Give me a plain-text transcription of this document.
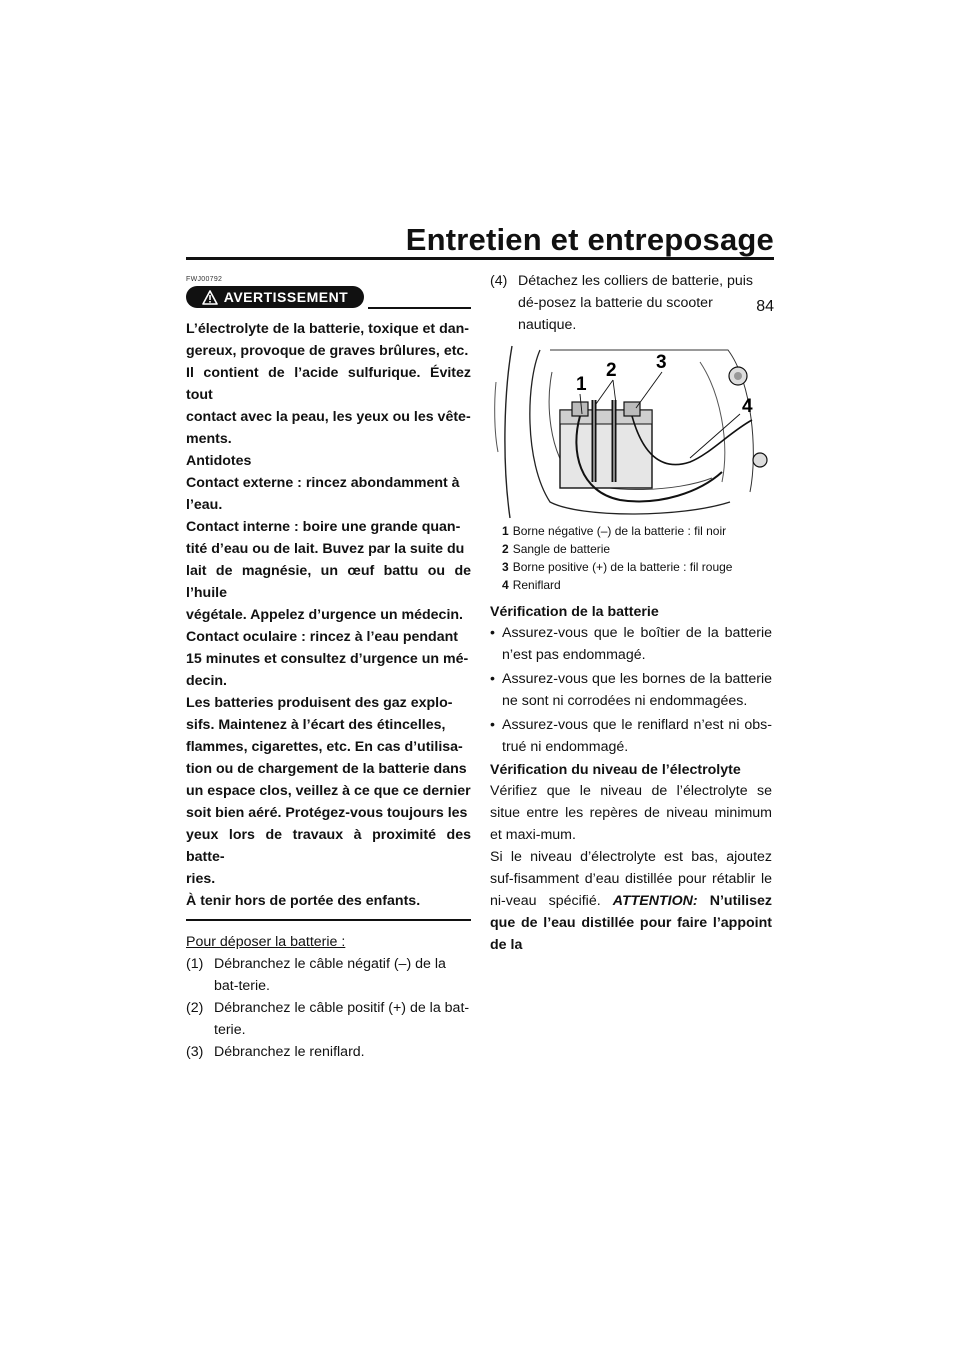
Entretien et entreposage
84
FWJ00792
AVERTISSEMENT

L’électrolyte de la batterie, toxique et dan-

gereux, provoque de graves brûlures, etc.

Il contient de l’acide sulfurique. Évitez tout

contact avec la peau, les yeux ou les vête-

ments.

Antidotes

Contact externe : rincez abondamment à

l’eau.

Contact interne : boire une grande quan-

tité d’eau ou de lait. Buvez par la suite du

lait de magnésie, un œuf battu ou de l’huile

végétale. Appelez d’urgence un médecin.

Contact oculaire : rincez à l’eau pendant

15 minutes et consultez d’urgence un mé-

decin.

Les batteries produisent des gaz explo-

sifs. Maintenez à l’écart des étincelles,

flammes, cigarettes, etc. En cas d’utilisa-

tion ou de chargement de la batterie dans

un espace clos, veillez à ce que ce dernier

soit bien aéré. Protégez-vous toujours les

yeux lors de travaux à proximité des batte-

ries.

À tenir hors de portée des enfants.

Pour déposer la batterie :
(1) Débranchez le câble négatif (–) de la bat-terie.
(2) Débranchez le câble positif (+) de la bat-terie.
(3) Débranchez le reniflard.
(4) Détachez les colliers de batterie, puis dé-posez la batterie du scooter nautique.
1
2 3
4
1 Borne négative (–) de la batterie : fil noir
2 Sangle de batterie
3 Borne positive (+) de la batterie : fil rouge
4 Reniflard
Vérification de la batterie
• Assurez-vous que le boîtier de la batterie n’est pas endommagé.
• Assurez-vous que les bornes de la batterie ne sont ni corrodées ni endommagées.
• Assurez-vous que le reniflard n’est ni obs-trué ni endommagé.
Vérification du niveau de l’électrolyte

Vérifiez que le niveau de l’électrolyte se situe entre les repères de niveau minimum et maxi-mum.

Si le niveau d’électrolyte est bas, ajoutez suf-fisamment d’eau distillée pour rétablir le ni-veau spécifié. ATTENTION: N’utilisez que de l’eau distillée pour faire l’appoint de la
